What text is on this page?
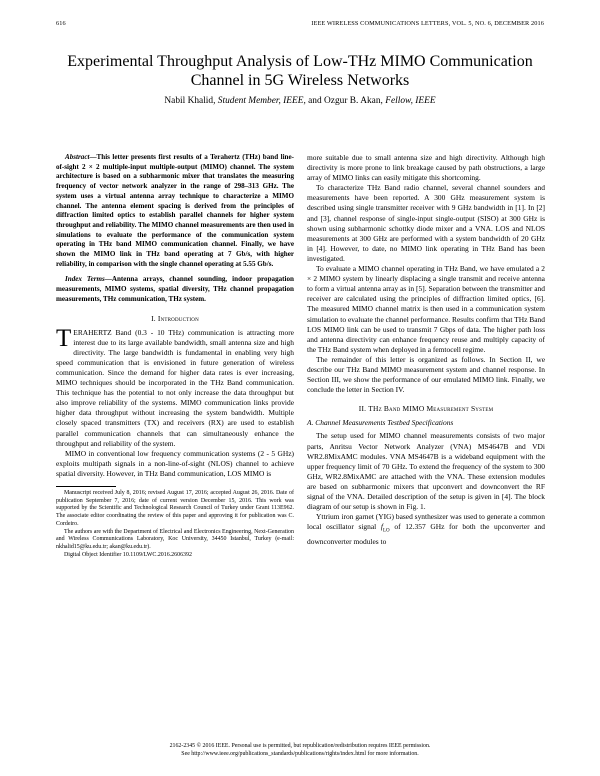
616	IEEE WIRELESS COMMUNICATIONS LETTERS, VOL. 5, NO. 6, DECEMBER 2016
Experimental Throughput Analysis of Low-THz MIMO Communication Channel in 5G Wireless Networks
Nabil Khalid, Student Member, IEEE, and Ozgur B. Akan, Fellow, IEEE

Abstract—This letter presents first results of a Terahertz (THz) band line-of-sight 2 × 2 multiple-input multiple-output (MIMO) channel. The system architecture is based on a subharmonic mixer that translates the measuring frequency of vector network analyzer in the range of 298–313 GHz. The system uses a virtual antenna array technique to characterize a MIMO channel. The antenna element spacing is derived from the principles of diffraction limited optics to establish parallel channels for higher system throughput and reliability. The MIMO channel measurements are then used in simulations to evaluate the performance of the communication system operating in THz band MIMO communication channel. Finally, we have shown the MIMO link in THz band operating at 7 Gb/s, with higher reliability, in comparison with the single channel operating at 5.55 Gb/s.

Index Terms—Antenna arrays, channel sounding, indoor propagation measurements, MIMO systems, spatial diversity, THz channel propagation measurements, THz communication, THz system.

I. Introduction

TERAHERTZ Band (0.3 - 10 THz) communication is attracting more interest due to its large available bandwidth, small antenna size and high directivity. The large bandwidth is fundamental in enabling very high speed communication that is envisioned in future generation of wireless communication. Since the demand for higher data rates is ever increasing, MIMO techniques should be incorporated in the THz Band communication. This technique has the potential to not only increase the data throughput but also improve reliability of the systems. MIMO communication links provide higher data throughput without increasing the system bandwidth. Multiple closely spaced transmitters (TX) and receivers (RX) are used to establish parallel communication channels that can simultaneously enhance the throughput and reliability of the system.

MIMO in conventional low frequency communication systems (2 - 5 GHz) exploits multipath signals in a non-line-of-sight (NLOS) channel to achieve spatial diversity. However, in THz Band communication, LOS MIMO is

Manuscript received July 8, 2016; revised August 17, 2016; accepted August 26, 2016. Date of publication September 7, 2016; date of current version December 15, 2016. This work was supported by the Scientific and Technological Research Council of Turkey under Grant 113E962. The associate editor coordinating the review of this paper and approving it for publication was C. Cordeiro.

The authors are with the Department of Electrical and Electronics Engineering, Next-Generation and Wireless Communications Laboratory, Koc University, 34450 Istanbul, Turkey (e-mail: nkhalid15@ku.edu.tr; akan@ku.edu.tr).

Digital Object Identifier 10.1109/LWC.2016.2606392

more suitable due to small antenna size and high directivity. Although high directivity is more prone to link breakage caused by path obstructions, a large array of MIMO links can easily mitigate this shortcoming.

To characterize THz Band radio channel, several channel sounders and measurements have been reported. A 300 GHz measurement system is described using single transmitter receiver with 9 GHz bandwidth in [1]. In [2] and [3], channel response of single-input single-output (SISO) at 300 GHz is shown using subharmonic schottky diode mixer and a VNA. LOS and NLOS measurements at 300 GHz are performed with a system bandwidth of 20 GHz in [4]. However, to date, no MIMO link operating in THz Band has been investigated.

To evaluate a MIMO channel operating in THz Band, we have emulated a 2 × 2 MIMO system by linearly displacing a single transmit and receive antenna to form a virtual antenna array as in [5]. Separation between the transmitter and receiver are calculated using the principles of diffraction limited optics, [6]. The measured MIMO channel matrix is then used in a communication system simulation to evaluate the channel performance. Results confirm that THz Band LOS MIMO link can be used to transmit 7 Gbps of data. The higher path loss and antenna directivity can enhance frequency reuse and multiply capacity of the THz Band system when deployed in a femtocell regime.

The remainder of this letter is organized as follows. In Section II, we describe our THz Band MIMO measurement system and channel response. In Section III, we show the performance of our emulated MIMO link. Finally, we conclude the letter in Section IV.

II. THz Band MIMO Measurement System
A. Channel Measurements Testbed Specifications

The setup used for MIMO channel measurements consists of two major parts, Anritsu Vector Network Analyzer (VNA) MS4647B and VDi WR2.8MixAMC modules. VNA MS4647B is a wideband equipment with the upper frequency limit of 70 GHz. To extend the frequency of the system to 300 GHz, WR2.8MixAMC are attached with the VNA. These extension modules are based on subharmonic mixers that upconvert and downconvert the RF signal of the VNA. Detailed description of the setup is given in [4]. The block diagram of our setup is shown in Fig. 1.

Yttrium iron garnet (YIG) based synthesizer was used to generate a common local oscillator signal $f_{LO}$ of 12.357 GHz for both the upconverter and downconverter modules to

2162-2345 © 2016 IEEE. Personal use is permitted, but republication/redistribution requires IEEE permission.
See http://www.ieee.org/publications_standards/publications/rights/index.html for more information.
